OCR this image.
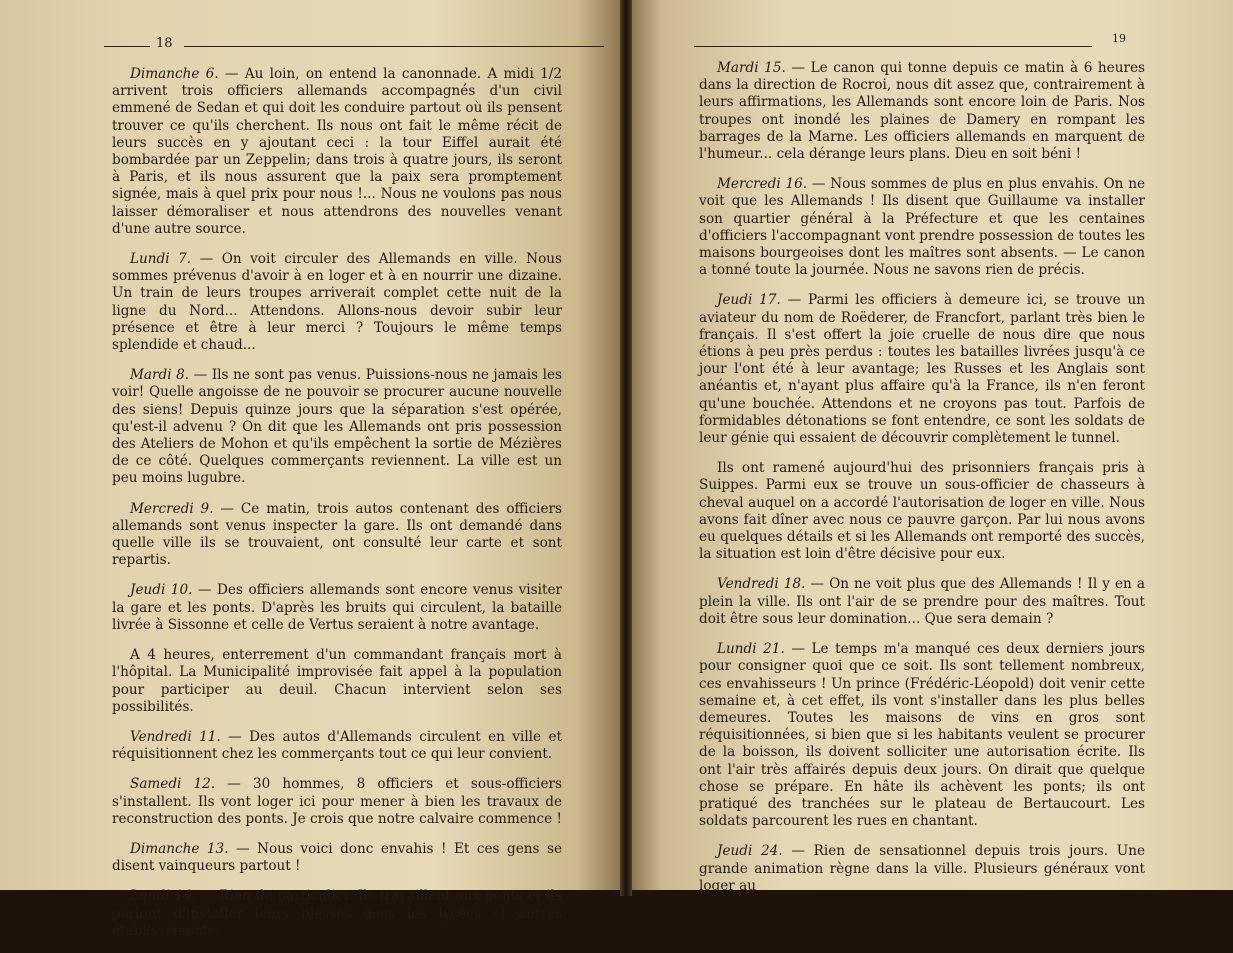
18

Dimanche 6. — Au loin, on entend la canonnade. A midi 1/2 arrivent trois officiers allemands accompagnés d'un civil emmené de Sedan et qui doit les conduire partout où ils pensent trouver ce qu'ils cherchent. Ils nous ont fait le même récit de leurs succès en y ajoutant ceci : la tour Eiffel aurait été bombardée par un Zeppelin; dans trois à quatre jours, ils seront à Paris, et ils nous assurent que la paix sera promptement signée, mais à quel prix pour nous !... Nous ne voulons pas nous laisser démoraliser et nous attendrons des nouvelles venant d'une autre source.

Lundi 7. — On voit circuler des Allemands en ville. Nous sommes prévenus d'avoir à en loger et à en nourrir une dizaine. Un train de leurs troupes arriverait complet cette nuit de la ligne du Nord... Attendons. Allons-nous devoir subir leur présence et être à leur merci ? Toujours le même temps splendide et chaud...

Mardi 8. — Ils ne sont pas venus. Puissions-nous ne jamais les voir! Quelle angoisse de ne pouvoir se procurer aucune nouvelle des siens! Depuis quinze jours que la séparation s'est opérée, qu'est-il advenu ? On dit que les Allemands ont pris possession des Ateliers de Mohon et qu'ils empêchent la sortie de Mézières de ce côté. Quelques commerçants reviennent. La ville est un peu moins lugubre.

Mercredi 9. — Ce matin, trois autos contenant des officiers allemands sont venus inspecter la gare. Ils ont demandé dans quelle ville ils se trouvaient, ont consulté leur carte et sont repartis.

Jeudi 10. — Des officiers allemands sont encore venus visiter la gare et les ponts. D'après les bruits qui circulent, la bataille livrée à Sissonne et celle de Vertus seraient à notre avantage.

A 4 heures, enterrement d'un commandant français mort à l'hôpital. La Municipalité improvisée fait appel à la population pour participer au deuil. Chacun intervient selon ses possibilités.

Vendredi 11. — Des autos d'Allemands circulent en ville et réquisitionnent chez les commerçants tout ce qui leur convient.

Samedi 12. — 30 hommes, 8 officiers et sous-officiers s'installent. Ils vont loger ici pour mener à bien les travaux de reconstruction des ponts. Je crois que notre calvaire commence !

Dimanche 13. — Nous voici donc envahis ! Et ces gens se disent vainqueurs partout !

Lundi 14. — Rien de particulier. Ils travaillent aux ponts et ils parlent d'installer leurs blessés dans les lycées et autres établissements.

19

Mardi 15. — Le canon qui tonne depuis ce matin à 6 heures dans la direction de Rocroi, nous dit assez que, contrairement à leurs affirmations, les Allemands sont encore loin de Paris. Nos troupes ont inondé les plaines de Damery en rompant les barrages de la Marne. Les officiers allemands en marquent de l'humeur... cela dérange leurs plans. Dieu en soit béni !

Mercredi 16. — Nous sommes de plus en plus envahis. On ne voit que les Allemands ! Ils disent que Guillaume va installer son quartier général à la Préfecture et que les centaines d'officiers l'accompagnant vont prendre possession de toutes les maisons bourgeoises dont les maîtres sont absents. — Le canon a tonné toute la journée. Nous ne savons rien de précis.

Jeudi 17. — Parmi les officiers à demeure ici, se trouve un aviateur du nom de Roëderer, de Francfort, parlant très bien le français. Il s'est offert la joie cruelle de nous dire que nous étions à peu près perdus : toutes les batailles livrées jusqu'à ce jour l'ont été à leur avantage; les Russes et les Anglais sont anéantis et, n'ayant plus affaire qu'à la France, ils n'en feront qu'une bouchée. Attendons et ne croyons pas tout. Parfois de formidables détonations se font entendre, ce sont les soldats de leur génie qui essaient de découvrir complètement le tunnel.

Ils ont ramené aujourd'hui des prisonniers français pris à Suippes. Parmi eux se trouve un sous-officier de chasseurs à cheval auquel on a accordé l'autorisation de loger en ville. Nous avons fait dîner avec nous ce pauvre garçon. Par lui nous avons eu quelques détails et si les Allemands ont remporté des succès, la situation est loin d'être décisive pour eux.

Vendredi 18. — On ne voit plus que des Allemands ! Il y en a plein la ville. Ils ont l'air de se prendre pour des maîtres. Tout doit être sous leur domination... Que sera demain ?

Lundi 21. — Le temps m'a manqué ces deux derniers jours pour consigner quoi que ce soit. Ils sont tellement nombreux, ces envahisseurs ! Un prince (Frédéric-Léopold) doit venir cette semaine et, à cet effet, ils vont s'installer dans les plus belles demeures. Toutes les maisons de vins en gros sont réquisitionnées, si bien que si les habitants veulent se procurer de la boisson, ils doivent solliciter une autorisation écrite. Ils ont l'air très affairés depuis deux jours. On dirait que quelque chose se prépare. En hâte ils achèvent les ponts; ils ont pratiqué des tranchées sur le plateau de Bertaucourt. Les soldats parcourent les rues en chantant.

Jeudi 24. — Rien de sensationnel depuis trois jours. Une grande animation règne dans la ville. Plusieurs généraux vont loger au
